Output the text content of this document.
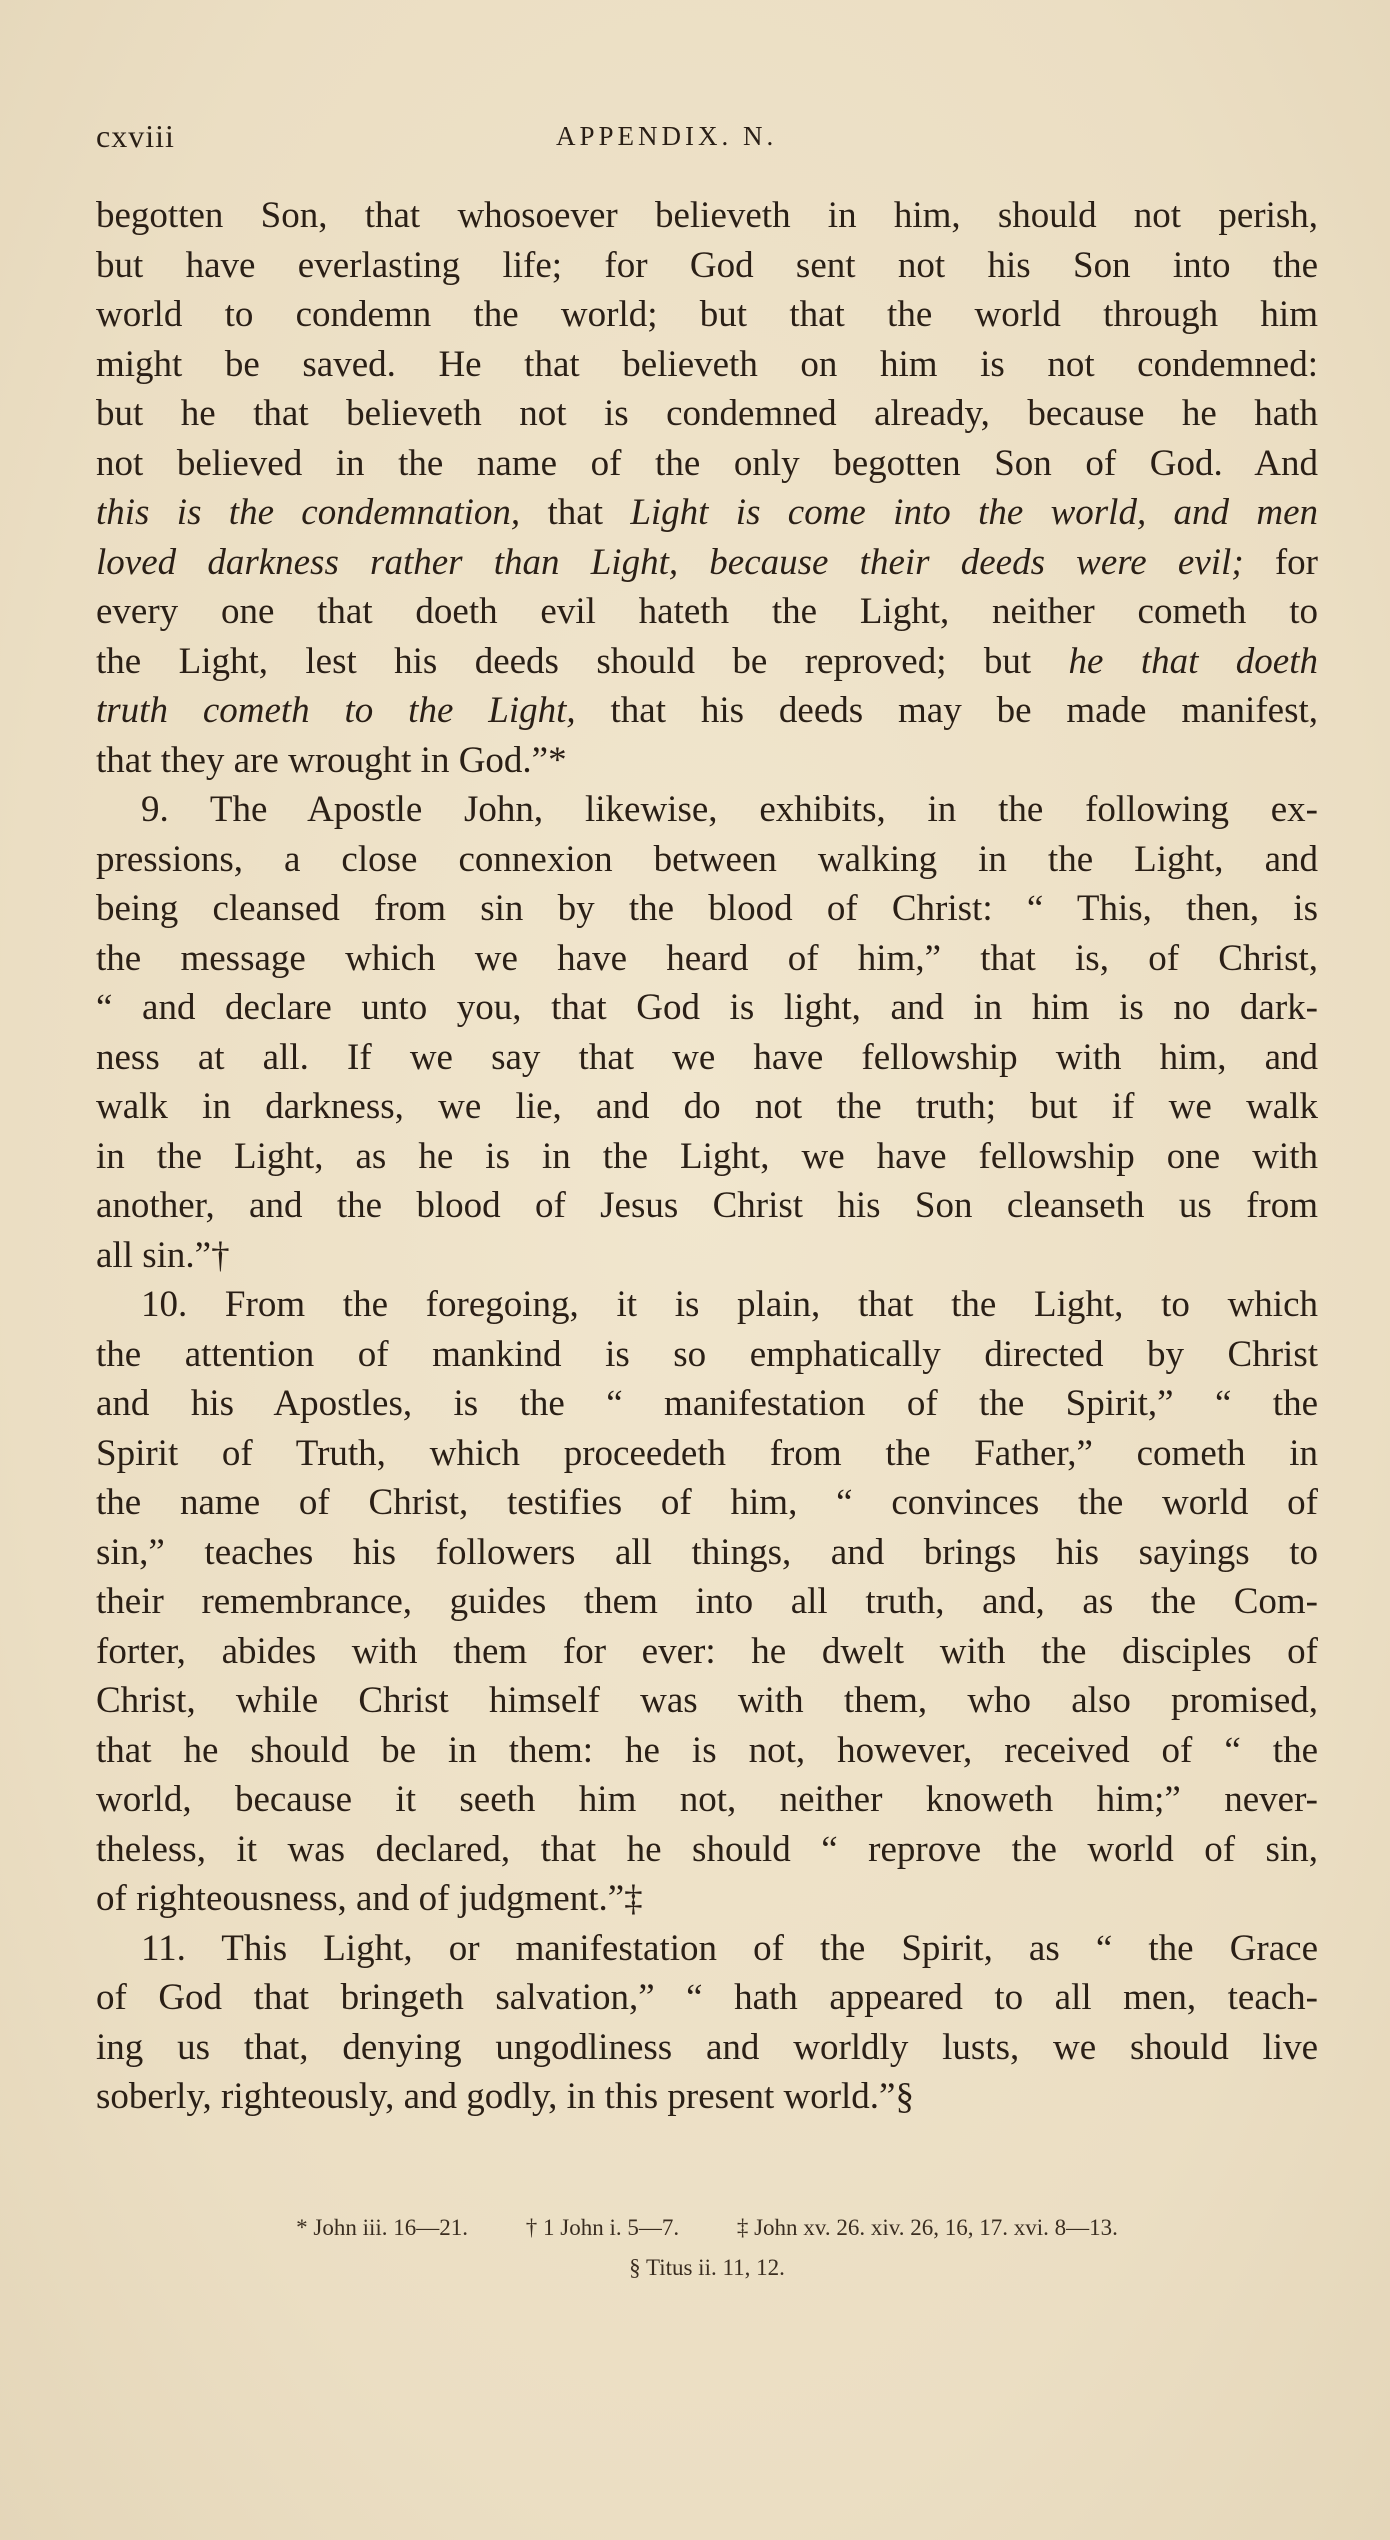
cxviii	APPENDIX. N.
begotten Son, that whosoever believeth in him, should not perish,
but have everlasting life; for God sent not his Son into the
world to condemn the world; but that the world through him
might be saved. He that believeth on him is not condemned:
but he that believeth not is condemned already, because he hath
not believed in the name of the only begotten Son of God. And
this is the condemnation, that Light is come into the world, and men
loved darkness rather than Light, because their deeds were evil; for
every one that doeth evil hateth the Light, neither cometh to
the Light, lest his deeds should be reproved; but he that doeth
truth cometh to the Light, that his deeds may be made manifest,
that they are wrought in God.”*
9. The Apostle John, likewise, exhibits, in the following ex-
pressions, a close connexion between walking in the Light, and
being cleansed from sin by the blood of Christ: “ This, then, is
the message which we have heard of him,” that is, of Christ,
“ and declare unto you, that God is light, and in him is no dark-
ness at all. If we say that we have fellowship with him, and
walk in darkness, we lie, and do not the truth; but if we walk
in the Light, as he is in the Light, we have fellowship one with
another, and the blood of Jesus Christ his Son cleanseth us from
all sin.”†
10. From the foregoing, it is plain, that the Light, to which
the attention of mankind is so emphatically directed by Christ
and his Apostles, is the “ manifestation of the Spirit,” “ the
Spirit of Truth, which proceedeth from the Father,” cometh in
the name of Christ, testifies of him, “ convinces the world of
sin,” teaches his followers all things, and brings his sayings to
their remembrance, guides them into all truth, and, as the Com-
forter, abides with them for ever: he dwelt with the disciples of
Christ, while Christ himself was with them, who also promised,
that he should be in them: he is not, however, received of “ the
world, because it seeth him not, neither knoweth him;” never-
theless, it was declared, that he should “ reprove the world of sin,
of righteousness, and of judgment.”‡
11. This Light, or manifestation of the Spirit, as “ the Grace
of God that bringeth salvation,” “ hath appeared to all men, teach-
ing us that, denying ungodliness and worldly lusts, we should live
soberly, righteously, and godly, in this present world.”§
* John iii. 16—21.	† 1 John i. 5—7.	‡ John xv. 26. xiv. 26, 16, 17. xvi. 8—13.
§ Titus ii. 11, 12.
